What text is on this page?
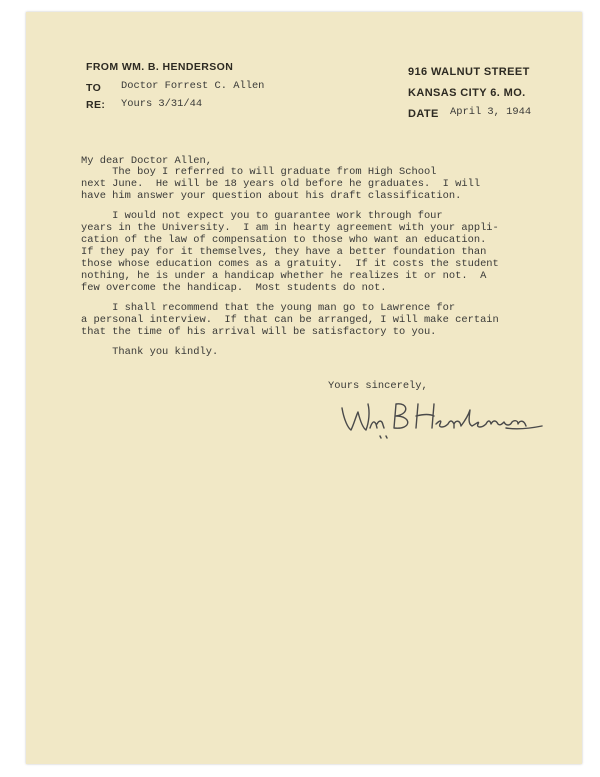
FROM WM. B. HENDERSON
TO
RE:
916 WALNUT STREET
KANSAS CITY 6. MO.
DATE
Doctor Forrest C. Allen
Yours 3/31/44
April 3, 1944
My dear Doctor Allen,
The boy I referred to will graduate from High School
next June.  He will be 18 years old before he graduates.  I will
have him answer your question about his draft classification.
I would not expect you to guarantee work through four
years in the University.  I am in hearty agreement with your appli-
cation of the law of compensation to those who want an education.
If they pay for it themselves, they have a better foundation than
those whose education comes as a gratuity.  If it costs the student
nothing, he is under a handicap whether he realizes it or not.  A
few overcome the handicap.  Most students do not.
I shall recommend that the young man go to Lawrence for
a personal interview.  If that can be arranged, I will make certain
that the time of his arrival will be satisfactory to you.
Thank you kindly.
Yours sincerely,
